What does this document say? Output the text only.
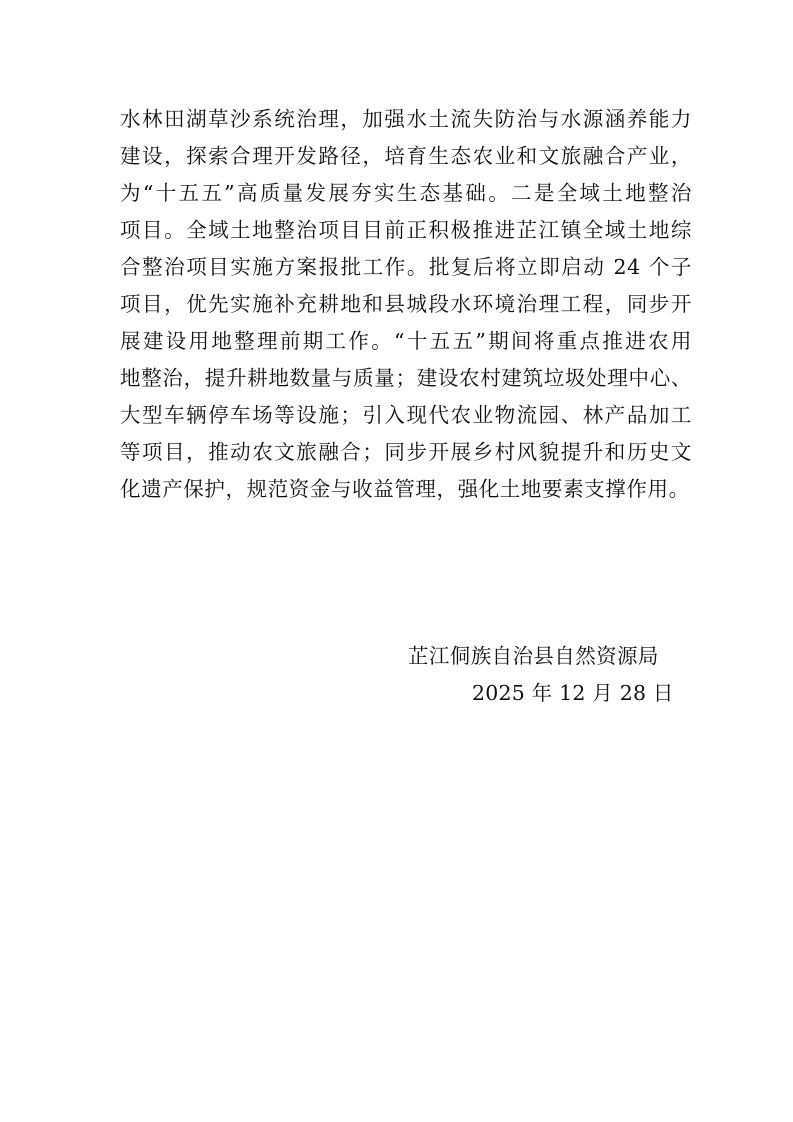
水林田湖草沙系统治理，加强水土流失防治与水源涵养能力
建设，探索合理开发路径，培育生态农业和文旅融合产业，
为“十五五”高质量发展夯实生态基础。二是全域土地整治
项目。全域土地整治项目目前正积极推进芷江镇全域土地综
合整治项目实施方案报批工作。批复后将立即启动 24 个子
项目，优先实施补充耕地和县城段水环境治理工程，同步开
展建设用地整理前期工作。“十五五”期间将重点推进农用
地整治，提升耕地数量与质量；建设农村建筑垃圾处理中心、
大型车辆停车场等设施；引入现代农业物流园、林产品加工
等项目，推动农文旅融合；同步开展乡村风貌提升和历史文
化遗产保护，规范资金与收益管理，强化土地要素支撑作用。
芷江侗族自治县自然资源局
2025 年 12 月 28 日
